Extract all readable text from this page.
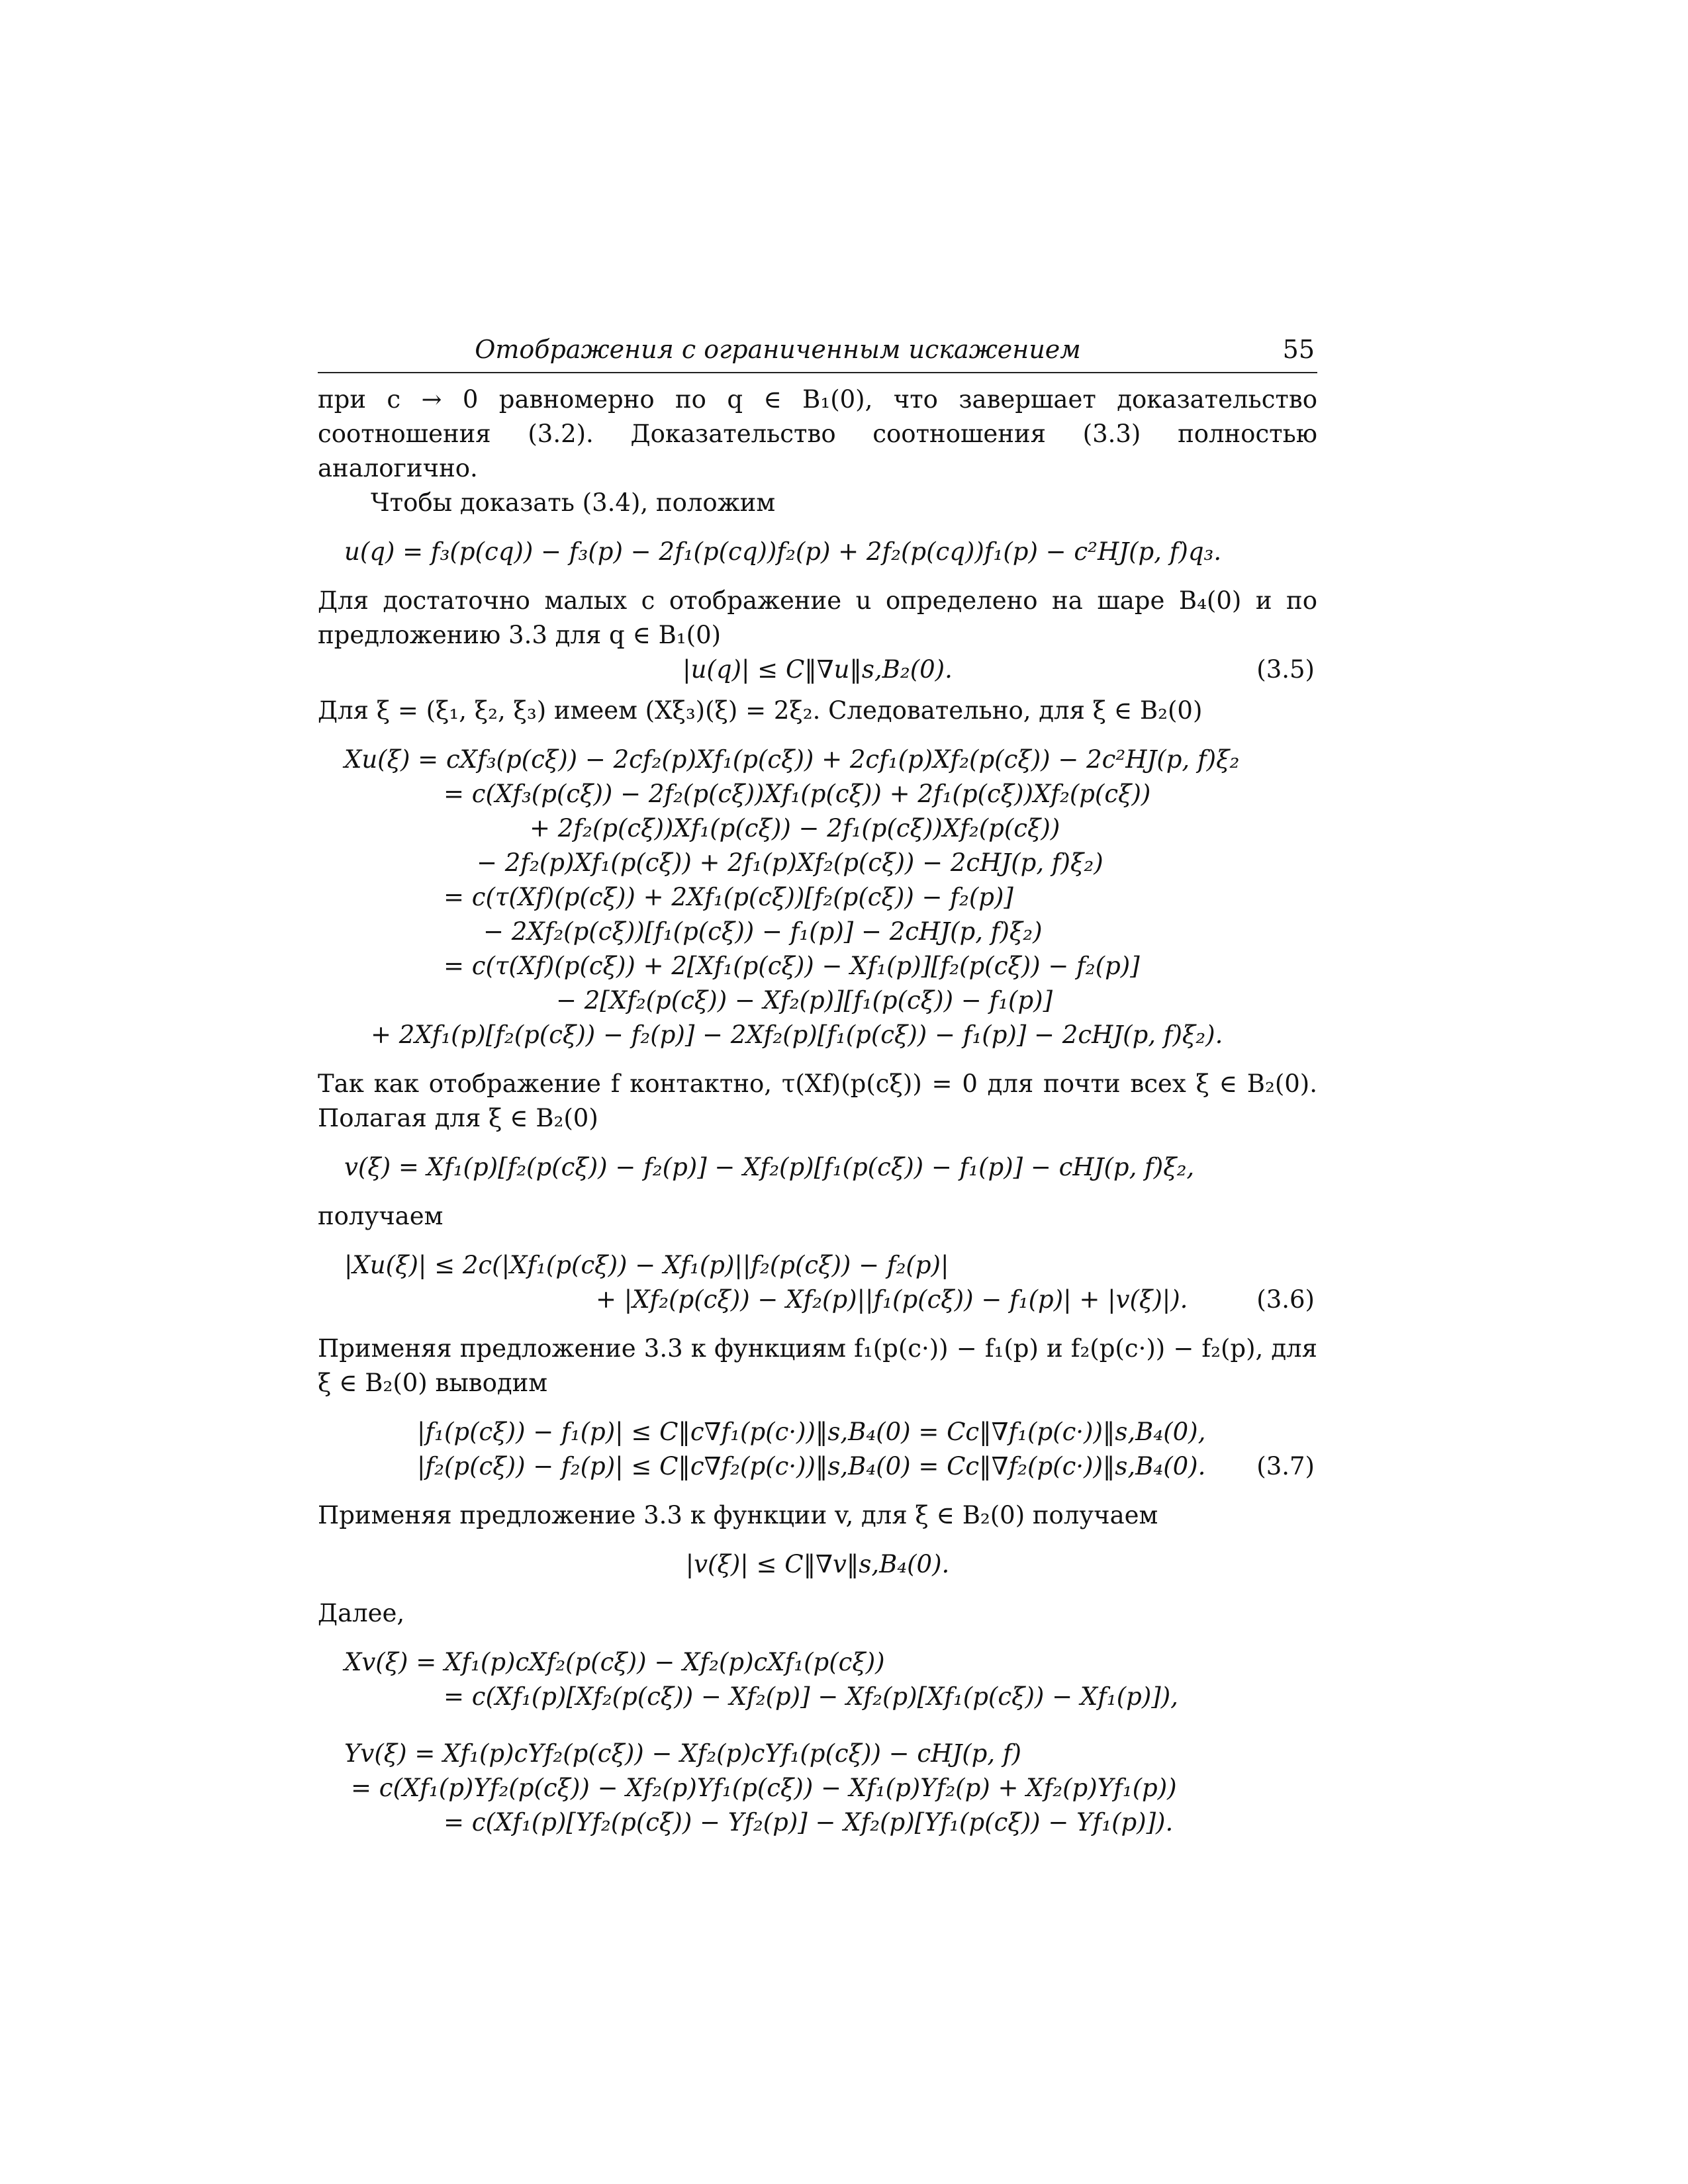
Отображения с ограниченным искажением	55

при c → 0 равномерно по q ∈ B₁(0), что завершает доказательство соотношения (3.2). Доказательство соотношения (3.3) полностью аналогично.

Чтобы доказать (3.4), положим

u(q) = f₃(p(cq)) − f₃(p) − 2f₁(p(cq))f₂(p) + 2f₂(p(cq))f₁(p) − c²HJ(p, f)q₃.

Для достаточно малых c отображение u определено на шаре B₄(0) и по предложению 3.3 для q ∈ B₁(0)

|u(q)| ≤ C‖∇u‖s,B₂(0).	(3.5)

Для ξ = (ξ₁, ξ₂, ξ₃) имеем (Xξ₃)(ξ) = 2ξ₂. Следовательно, для ξ ∈ B₂(0)

Xu(ξ) = cXf₃(p(cξ)) − 2cf₂(p)Xf₁(p(cξ)) + 2cf₁(p)Xf₂(p(cξ)) − 2c²HJ(p, f)ξ₂
= c(Xf₃(p(cξ)) − 2f₂(p(cξ))Xf₁(p(cξ)) + 2f₁(p(cξ))Xf₂(p(cξ))
+ 2f₂(p(cξ))Xf₁(p(cξ)) − 2f₁(p(cξ))Xf₂(p(cξ))
− 2f₂(p)Xf₁(p(cξ)) + 2f₁(p)Xf₂(p(cξ)) − 2cHJ(p, f)ξ₂)
= c(τ(Xf)(p(cξ)) + 2Xf₁(p(cξ))[f₂(p(cξ)) − f₂(p)]
− 2Xf₂(p(cξ))[f₁(p(cξ)) − f₁(p)] − 2cHJ(p, f)ξ₂)
= c(τ(Xf)(p(cξ)) + 2[Xf₁(p(cξ)) − Xf₁(p)][f₂(p(cξ)) − f₂(p)]
− 2[Xf₂(p(cξ)) − Xf₂(p)][f₁(p(cξ)) − f₁(p)]
+ 2Xf₁(p)[f₂(p(cξ)) − f₂(p)] − 2Xf₂(p)[f₁(p(cξ)) − f₁(p)] − 2cHJ(p, f)ξ₂).

Так как отображение f контактно, τ(Xf)(p(cξ)) = 0 для почти всех ξ ∈ B₂(0). Полагая для ξ ∈ B₂(0)

v(ξ) = Xf₁(p)[f₂(p(cξ)) − f₂(p)] − Xf₂(p)[f₁(p(cξ)) − f₁(p)] − cHJ(p, f)ξ₂,

получаем

|Xu(ξ)| ≤ 2c(|Xf₁(p(cξ)) − Xf₁(p)||f₂(p(cξ)) − f₂(p)|
+ |Xf₂(p(cξ)) − Xf₂(p)||f₁(p(cξ)) − f₁(p)| + |v(ξ)|).	(3.6)

Применяя предложение 3.3 к функциям f₁(p(c·)) − f₁(p) и f₂(p(c·)) − f₂(p), для ξ ∈ B₂(0) выводим

|f₁(p(cξ)) − f₁(p)| ≤ C‖c∇f₁(p(c·))‖s,B₄(0) = Cc‖∇f₁(p(c·))‖s,B₄(0),
|f₂(p(cξ)) − f₂(p)| ≤ C‖c∇f₂(p(c·))‖s,B₄(0) = Cc‖∇f₂(p(c·))‖s,B₄(0). (3.7)

Применяя предложение 3.3 к функции v, для ξ ∈ B₂(0) получаем

|v(ξ)| ≤ C‖∇v‖s,B₄(0).

Далее,

Xv(ξ) = Xf₁(p)cXf₂(p(cξ)) − Xf₂(p)cXf₁(p(cξ))
= c(Xf₁(p)[Xf₂(p(cξ)) − Xf₂(p)] − Xf₂(p)[Xf₁(p(cξ)) − Xf₁(p)]),
Yv(ξ) = Xf₁(p)cYf₂(p(cξ)) − Xf₂(p)cYf₁(p(cξ)) − cHJ(p, f)
= c(Xf₁(p)Yf₂(p(cξ)) − Xf₂(p)Yf₁(p(cξ)) − Xf₁(p)Yf₂(p) + Xf₂(p)Yf₁(p))
= c(Xf₁(p)[Yf₂(p(cξ)) − Yf₂(p)] − Xf₂(p)[Yf₁(p(cξ)) − Yf₁(p)]).
